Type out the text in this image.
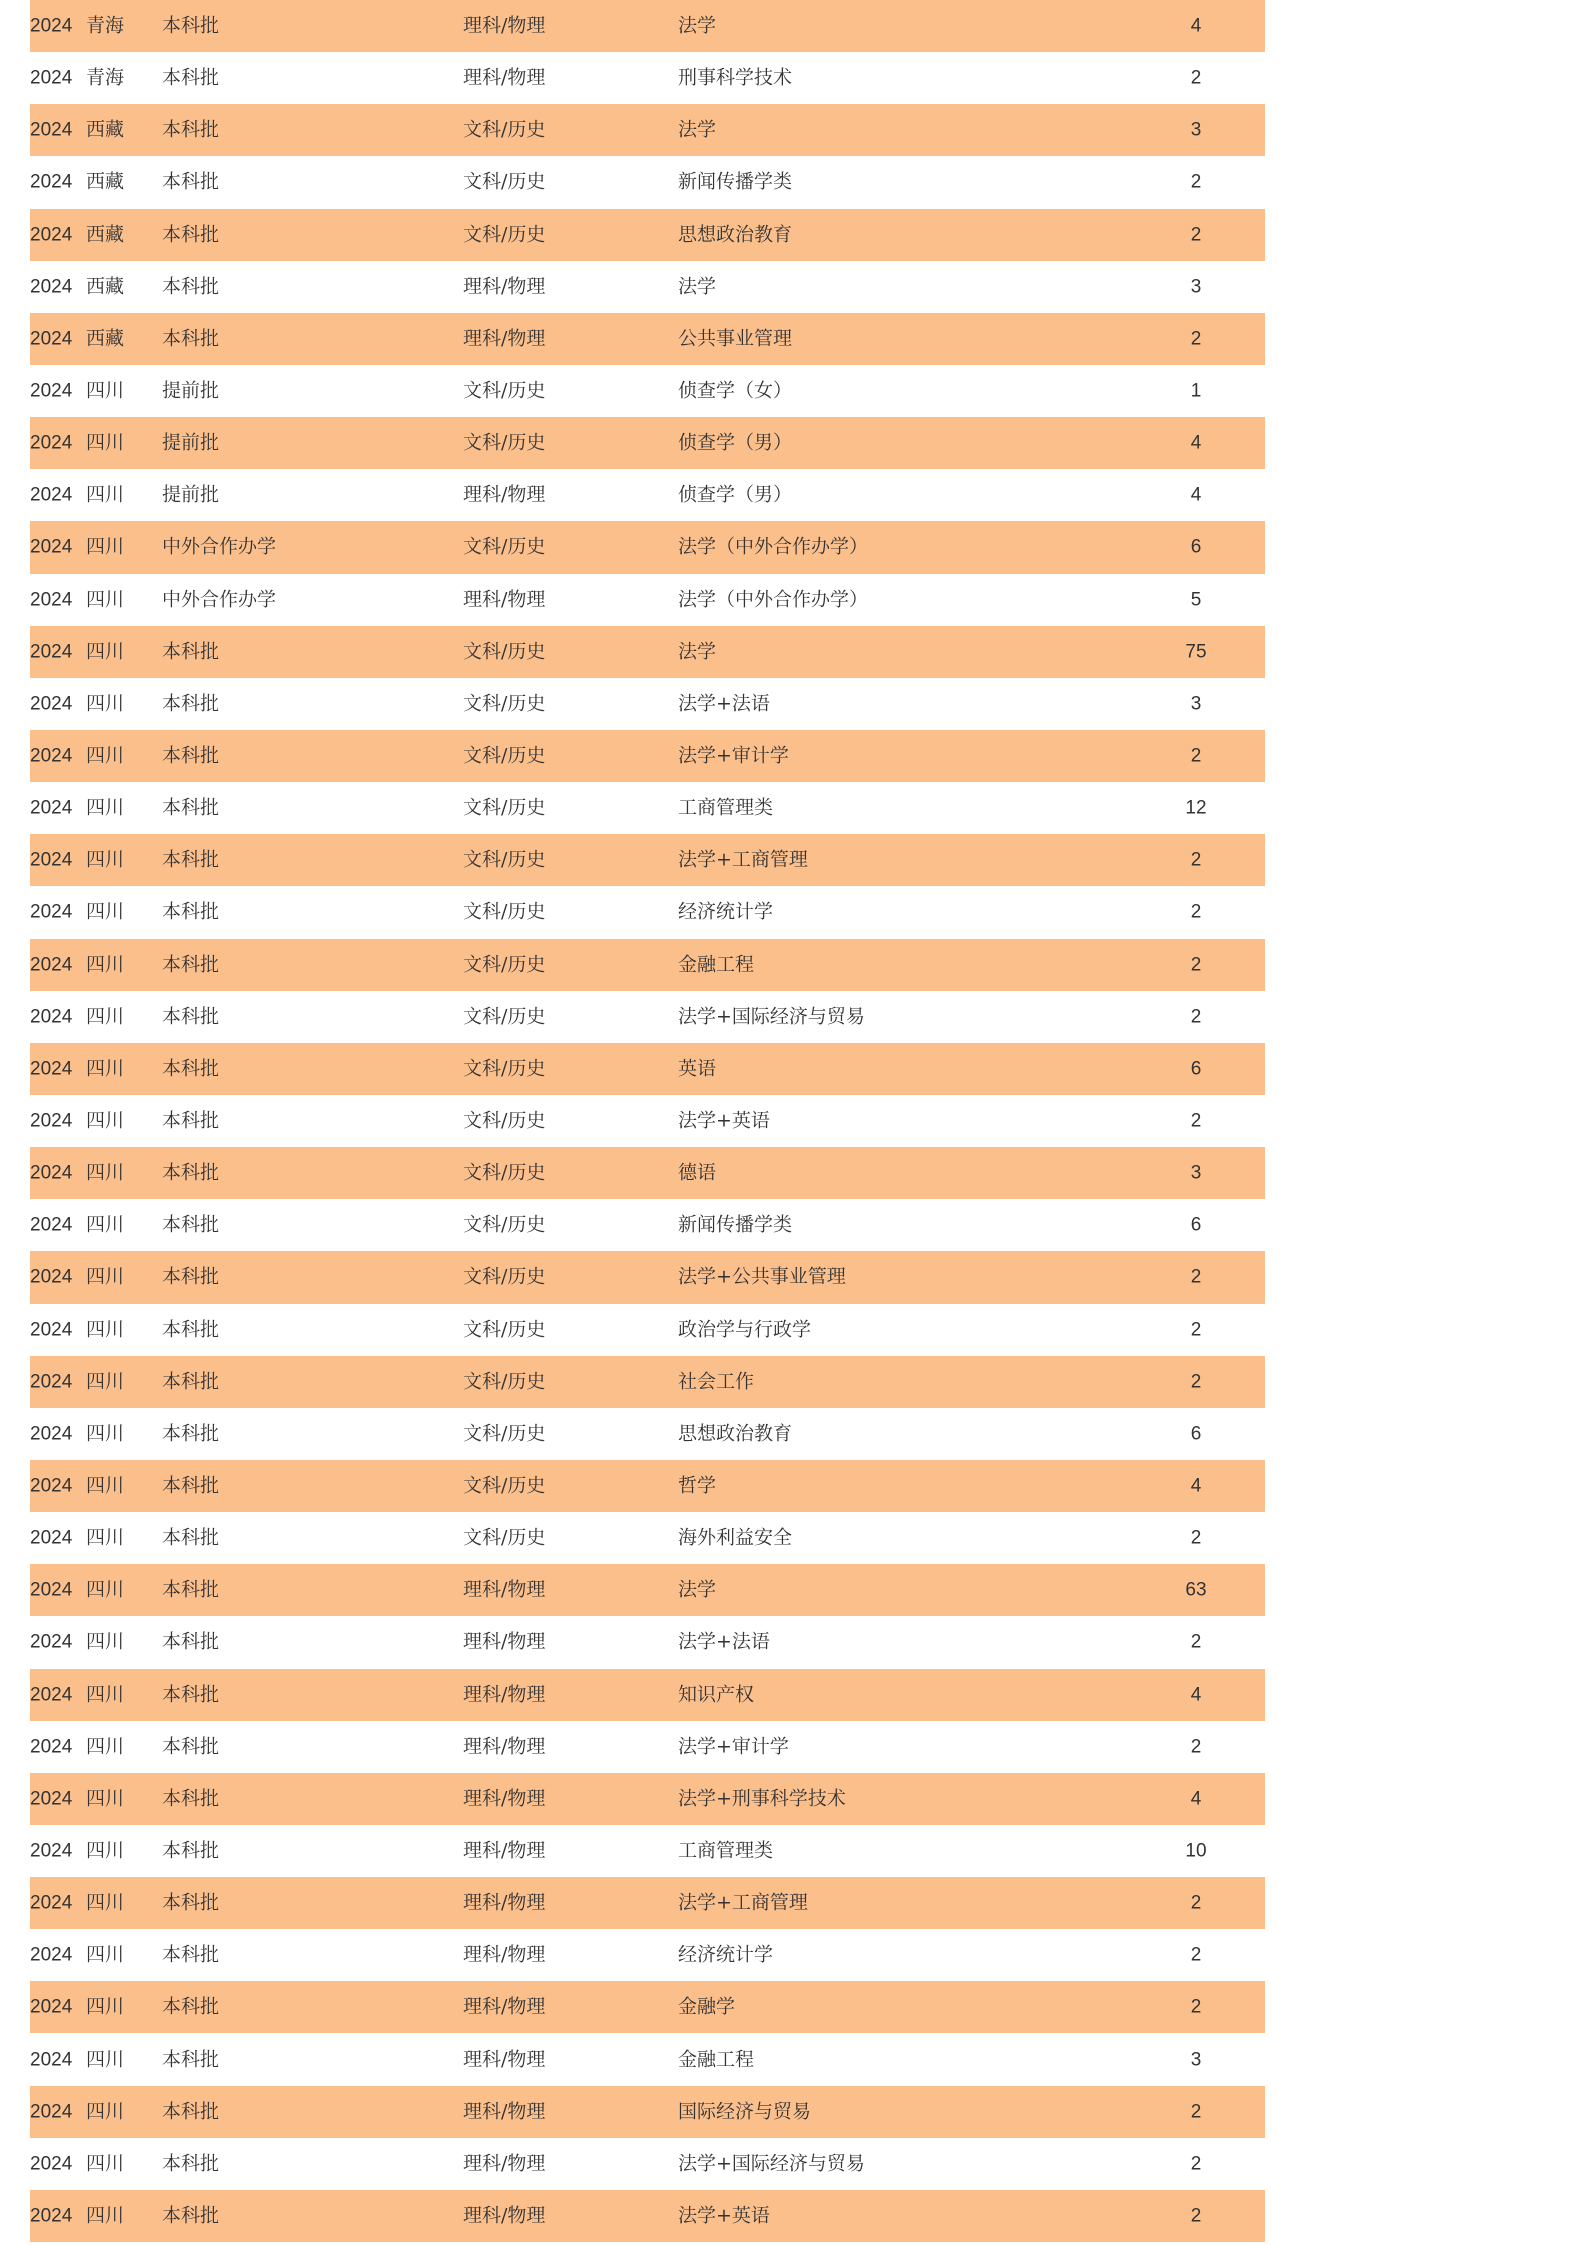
2024 青海 本科批	理科/物理	法学	4
2024 青海 本科批	理科/物理	刑事科学技术	2
2024 西藏 本科批	文科/历史	法学	3
2024 西藏 本科批	文科/历史	新闻传播学类	2
2024 西藏 本科批	文科/历史	思想政治教育	2
2024 西藏 本科批	理科/物理	法学	3
2024 西藏 本科批	理科/物理	公共事业管理	2
2024 四川 提前批	文科/历史	侦查学（女）	1
2024 四川 提前批	文科/历史	侦查学（男）	4
2024 四川 提前批	理科/物理	侦查学（男）	4
2024 四川 中外合作办学	文科/历史	法学（中外合作办学）	6
2024 四川 中外合作办学	理科/物理	法学（中外合作办学）	5
2024 四川 本科批	文科/历史	法学	75
2024 四川 本科批	文科/历史	法学+法语	3
2024 四川 本科批	文科/历史	法学+审计学	2
2024 四川 本科批	文科/历史	工商管理类	12
2024 四川 本科批	文科/历史	法学+工商管理	2
2024 四川 本科批	文科/历史	经济统计学	2
2024 四川 本科批	文科/历史	金融工程	2
2024 四川 本科批	文科/历史	法学+国际经济与贸易	2
2024 四川 本科批	文科/历史	英语	6
2024 四川 本科批	文科/历史	法学+英语	2
2024 四川 本科批	文科/历史	德语	3
2024 四川 本科批	文科/历史	新闻传播学类	6
2024 四川 本科批	文科/历史	法学+公共事业管理	2
2024 四川 本科批	文科/历史	政治学与行政学	2
2024 四川 本科批	文科/历史	社会工作	2
2024 四川 本科批	文科/历史	思想政治教育	6
2024 四川 本科批	文科/历史	哲学	4
2024 四川 本科批	文科/历史	海外利益安全	2
2024 四川 本科批	理科/物理	法学	63
2024 四川 本科批	理科/物理	法学+法语	2
2024 四川 本科批	理科/物理	知识产权	4
2024 四川 本科批	理科/物理	法学+审计学	2
2024 四川 本科批	理科/物理	法学+刑事科学技术	4
2024 四川 本科批	理科/物理	工商管理类	10
2024 四川 本科批	理科/物理	法学+工商管理	2
2024 四川 本科批	理科/物理	经济统计学	2
2024 四川 本科批	理科/物理	金融学	2
2024 四川 本科批	理科/物理	金融工程	3
2024 四川 本科批	理科/物理	国际经济与贸易	2
2024 四川 本科批	理科/物理	法学+国际经济与贸易	2
2024 四川 本科批	理科/物理	法学+英语	2
